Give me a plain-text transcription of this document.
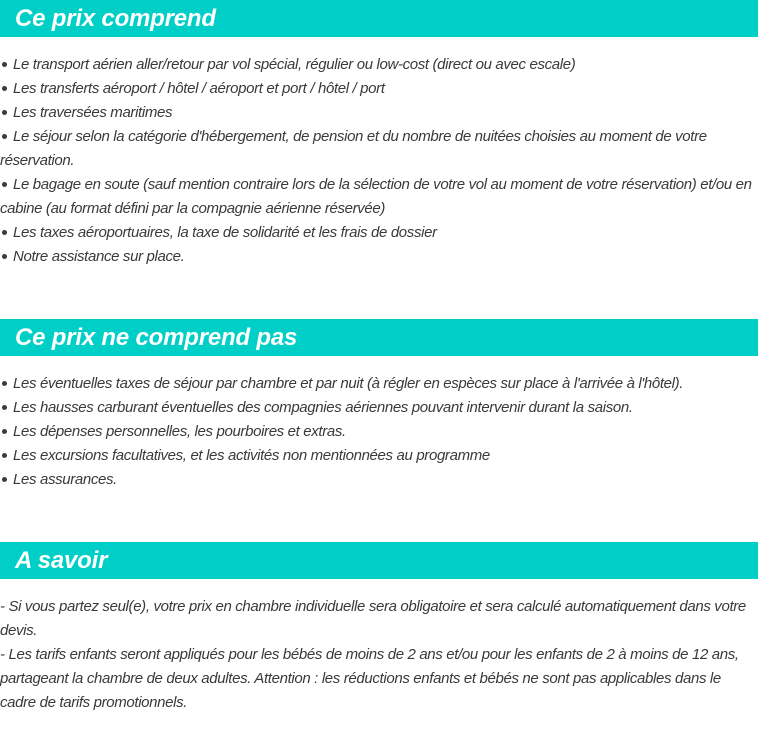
Ce prix comprend
Le transport aérien aller/retour par vol spécial, régulier ou low-cost (direct ou avec escale)
Les transferts aéroport / hôtel / aéroport et port / hôtel / port
Les traversées maritimes
Le séjour selon la catégorie d'hébergement, de pension et du nombre de nuitées choisies au moment de votre réservation.
Le bagage en soute (sauf mention contraire lors de la sélection de votre vol au moment de votre réservation) et/ou en cabine (au format défini par la compagnie aérienne réservée)
Les taxes aéroportuaires, la taxe de solidarité et les frais de dossier
Notre assistance sur place.
Ce prix ne comprend pas
Les éventuelles taxes de séjour par chambre et par nuit (à régler en espèces sur place à l'arrivée à l'hôtel).
Les hausses carburant éventuelles des compagnies aériennes pouvant intervenir durant la saison.
Les dépenses personnelles, les pourboires et extras.
Les excursions facultatives, et les activités non mentionnées au programme
Les assurances.
A savoir
- Si vous partez seul(e), votre prix en chambre individuelle sera obligatoire et sera calculé automatiquement dans votre devis.
- Les tarifs enfants seront appliqués pour les bébés de moins de 2 ans et/ou pour les enfants de 2 à moins de 12 ans, partageant la chambre de deux adultes. Attention : les réductions enfants et bébés ne sont pas applicables dans le cadre de tarifs promotionnels.
